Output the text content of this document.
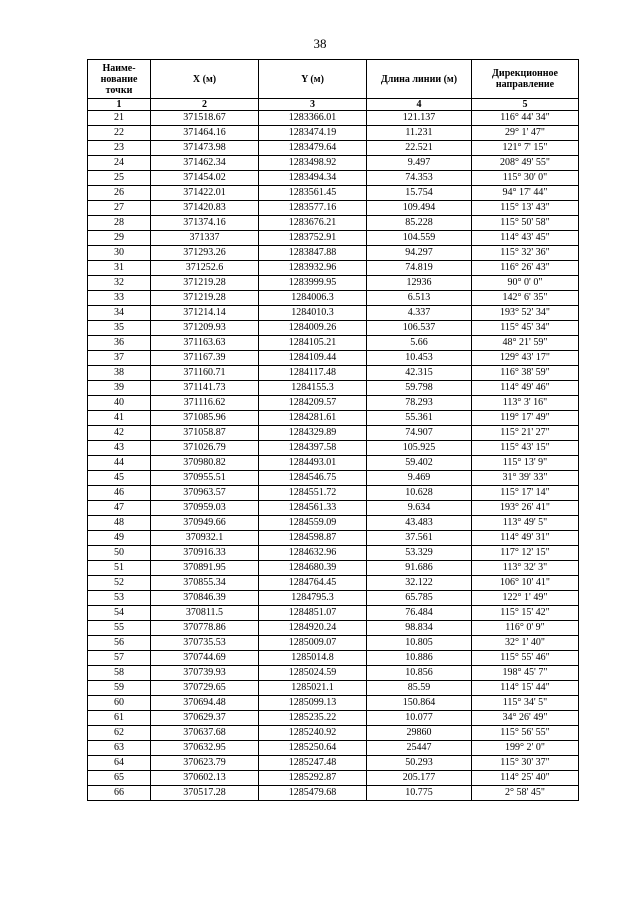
38
Наиме-
нование
точки	X (м)	Y (м)	Длина линии (м)	Дирекционное
направление
1	2	3	4	5
21	371518.67	1283366.01	121.137	116° 44' 34"
22	371464.16	1283474.19	11.231	29° 1' 47"
23	371473.98	1283479.64	22.521	121° 7' 15"
24	371462.34	1283498.92	9.497	208° 49' 55"
25	371454.02	1283494.34	74.353	115° 30' 0"
26	371422.01	1283561.45	15.754	94° 17' 44"
27	371420.83	1283577.16	109.494	115° 13' 43"
28	371374.16	1283676.21	85.228	115° 50' 58"
29	371337	1283752.91	104.559	114° 43' 45"
30	371293.26	1283847.88	94.297	115° 32' 36"
31	371252.6	1283932.96	74.819	116° 26' 43"
32	371219.28	1283999.95	12936	90° 0' 0"
33	371219.28	1284006.3	6.513	142° 6' 35"
34	371214.14	1284010.3	4.337	193° 52' 34"
35	371209.93	1284009.26	106.537	115° 45' 34"
36	371163.63	1284105.21	5.66	48° 21' 59"
37	371167.39	1284109.44	10.453	129° 43' 17"
38	371160.71	1284117.48	42.315	116° 38' 59"
39	371141.73	1284155.3	59.798	114° 49' 46"
40	371116.62	1284209.57	78.293	113° 3' 16"
41	371085.96	1284281.61	55.361	119° 17' 49"
42	371058.87	1284329.89	74.907	115° 21' 27"
43	371026.79	1284397.58	105.925	115° 43' 15"
44	370980.82	1284493.01	59.402	115° 13' 9"
45	370955.51	1284546.75	9.469	31° 39' 33"
46	370963.57	1284551.72	10.628	115° 17' 14"
47	370959.03	1284561.33	9.634	193° 26' 41"
48	370949.66	1284559.09	43.483	113° 49' 5"
49	370932.1	1284598.87	37.561	114° 49' 31"
50	370916.33	1284632.96	53.329	117° 12' 15"
51	370891.95	1284680.39	91.686	113° 32' 3"
52	370855.34	1284764.45	32.122	106° 10' 41"
53	370846.39	1284795.3	65.785	122° 1' 49"
54	370811.5	1284851.07	76.484	115° 15' 42"
55	370778.86	1284920.24	98.834	116° 0' 9"
56	370735.53	1285009.07	10.805	32° 1' 40"
57	370744.69	1285014.8	10.886	115° 55' 46"
58	370739.93	1285024.59	10.856	198° 45' 7"
59	370729.65	1285021.1	85.59	114° 15' 44"
60	370694.48	1285099.13	150.864	115° 34' 5"
61	370629.37	1285235.22	10.077	34° 26' 49"
62	370637.68	1285240.92	29860	115° 56' 55"
63	370632.95	1285250.64	25447	199° 2' 0"
64	370623.79	1285247.48	50.293	115° 30' 37"
65	370602.13	1285292.87	205.177	114° 25' 40"
66	370517.28	1285479.68	10.775	2° 58' 45"
